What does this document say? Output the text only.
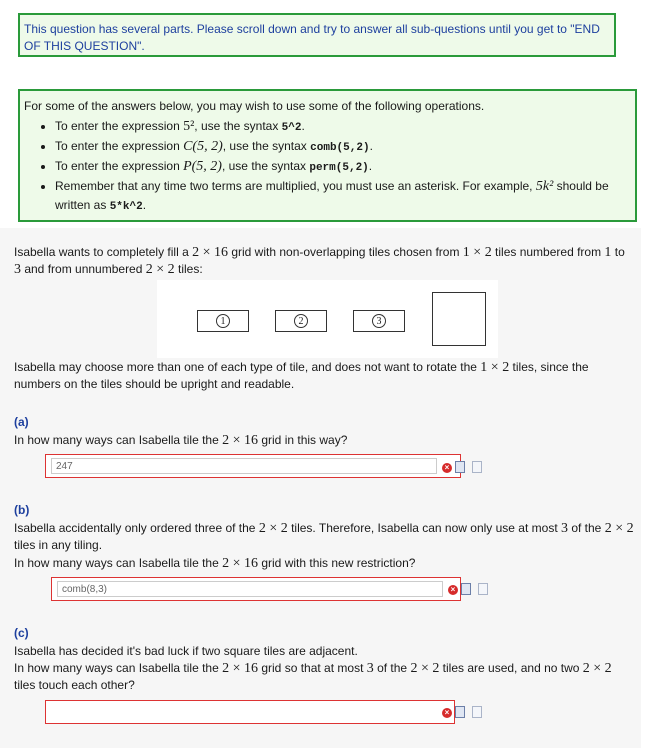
This question has several parts. Please scroll down and try to answer all sub-questions until you get to "END OF THIS QUESTION".
For some of the answers below, you may wish to use some of the following operations.
• To enter the expression 5², use the syntax 5^2.
• To enter the expression C(5, 2), use the syntax comb(5,2).
• To enter the expression P(5, 2), use the syntax perm(5,2).
• Remember that any time two terms are multiplied, you must use an asterisk. For example, 5k² should be written as 5*k^2.
Isabella wants to completely fill a 2 × 16 grid with non-overlapping tiles chosen from 1 × 2 tiles numbered from 1 to
3 and from unnumbered 2 × 2 tiles:
1	2	3
Isabella may choose more than one of each type of tile, and does not want to rotate the 1 × 2 tiles, since the
numbers on the tiles should be upright and readable.
(a)
In how many ways can Isabella tile the 2 × 16 grid in this way?
247
×
(b)
Isabella accidentally only ordered three of the 2 × 2 tiles. Therefore, Isabella can now only use at most 3 of the 2 × 2
tiles in any tiling.
In how many ways can Isabella tile the 2 × 16 grid with this new restriction?
comb(8,3)
×
(c)
Isabella has decided it's bad luck if two square tiles are adjacent.
In how many ways can Isabella tile the 2 × 16 grid so that at most 3 of the 2 × 2 tiles are used, and no two 2 × 2
tiles touch each other?
×
